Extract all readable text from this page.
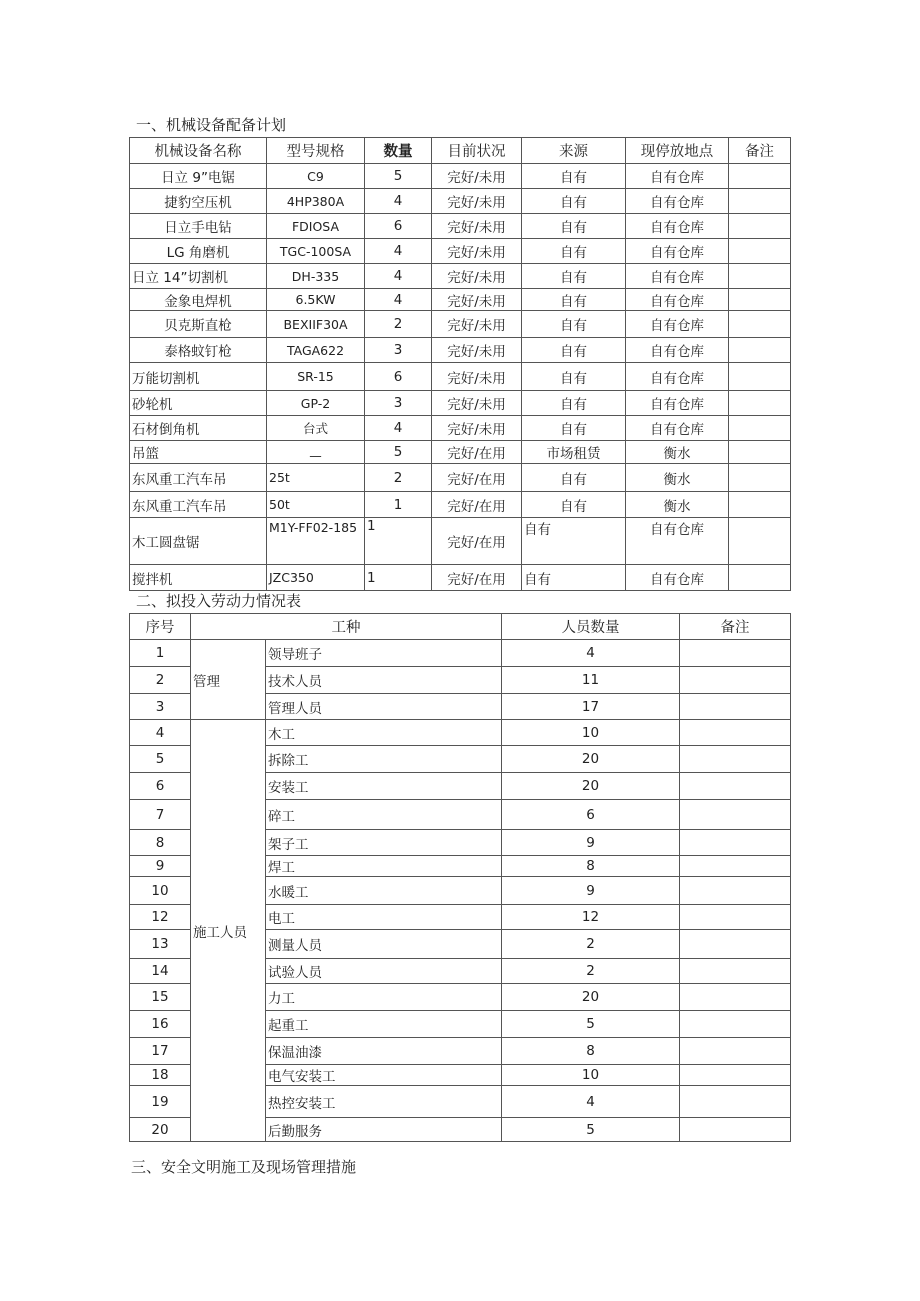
一、机械设备配备计划
机械设备名称	型号规格	数量	目前状况	来源	现停放地点	备注
日立 9”电锯	C9	5	完好/未用	自有	自有仓库	
捷豹空压机	4HP380A	4	完好/未用	自有	自有仓库	
日立手电钻	FDIOSA	6	完好/未用	自有	自有仓库	
LG 角磨机	TGC-100SA	4	完好/未用	自有	自有仓库	
日立 14”切割机	DH-335	4	完好/未用	自有	自有仓库	
金象电焊机	6.5KW	4	完好/未用	自有	自有仓库	
贝克斯直枪	BEXIIF30A	2	完好/未用	自有	自有仓库	
泰格蚊钉枪	TAGA622	3	完好/未用	自有	自有仓库	
万能切割机	SR-15	6	完好/未用	自有	自有仓库	
砂轮机	GP-2	3	完好/未用	自有	自有仓库	
石材倒角机	台式	4	完好/未用	自有	自有仓库	
吊篮	—	5	完好/在用	市场租赁	衡水	
东风重工汽车吊	25t	2	完好/在用	自有	衡水	
东风重工汽车吊	50t	1	完好/在用	自有	衡水	
木工圆盘锯	M1Y-FF02-185	1	完好/在用	自有	自有仓库	
搅拌机	JZC350	1	完好/在用	自有	自有仓库	
二、拟投入劳动力情况表
序号	工种		人员数量	备注
1	管理	领导班子	4	
2		技术人员	11	
3		管理人员	17	
4	施工人员	木工	10	
5		拆除工	20	
6		安装工	20	
7		碎工	6	
8		架子工	9	
9		焊工	8	
10		水暖工	9	
12		电工	12	
13		测量人员	2	
14		试验人员	2	
15		力工	20	
16		起重工	5	
17		保温油漆	8	
18		电气安装工	10	
19		热控安装工	4	
20		后勤服务	5	
三、安全文明施工及现场管理措施
